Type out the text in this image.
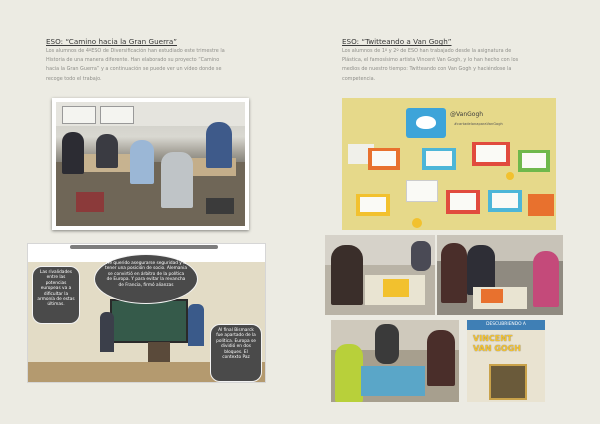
ESO: “Camino hacia la Gran Guerra”
Los alumnos de 4ºESO de Diversificación han estudiado este trimestre la
Historia de una manera diferente. Han elaborado su proyecto “Camino
hacia la Gran Guerra” y a continuación se puede ver un vídeo donde se
recoge todo el trabajo.
Las rivalidades entre las potencias europeas va a dificultar la armonía de estas últimas.
He querido asegurarse seguridad y a tener una posición de socio. Alemania se convirtió en árbitro de la política de Europa. Y para evitar la revancha de Francia, firmó alianzas
Al final Bismarck fue apartado de la política. Europa se dividió en dos bloques. El contexto Paz
ESO: “Twitteando a Van Gogh”
Los alumnos de 1º y 2º de ESO han trabajado desde la asignatura de
Plástica, el famosísimo artista Vincent Van Gogh, y lo han hecho con los
medios de nuestro tiempo: Twitteando con Van Gogh y haciéndose la
competencia.
@VanGogh
#cartadelonaparaVanGogh
DESCUBRIENDO A
VINCENT
VAN GOGH
